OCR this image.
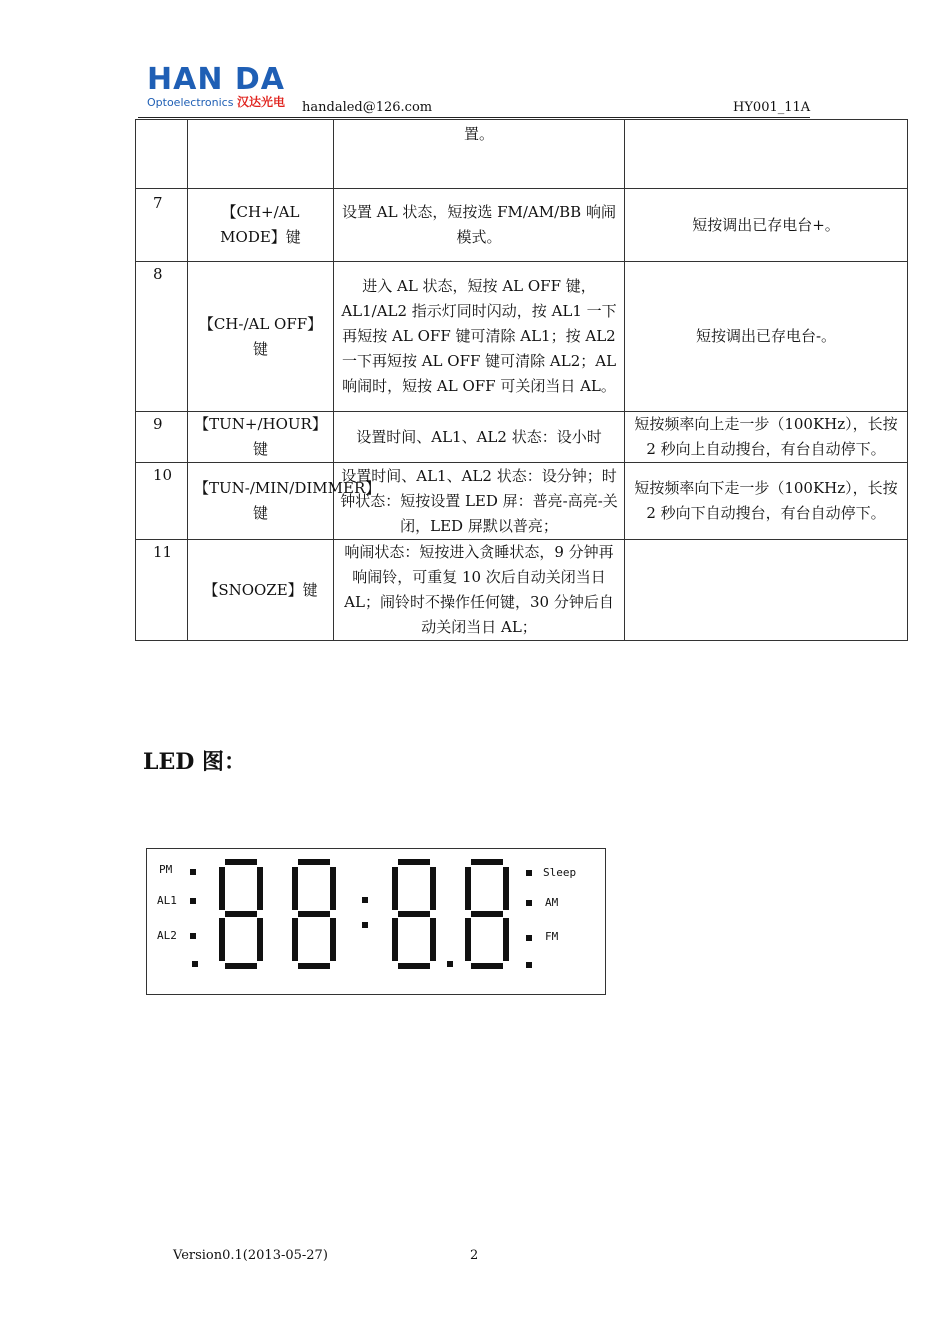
HAN DA
Optoelectronics 汉达光电	handaled@126.com	HY001_11A
		置。	
7	【CH+/AL MODE】键	设置 AL 状态，短按选 FM/AM/BB 响闹模式。	短按调出已存电台+。
8	【CH-/AL OFF】键	进入 AL 状态，短按 AL OFF 键，AL1/AL2 指示灯同时闪动，按 AL1 一下再短按 AL OFF 键可清除 AL1；按 AL2 一下再短按 AL OFF 键可清除 AL2；AL 响闹时，短按 AL OFF 可关闭当日 AL。	短按调出已存电台-。
9	【TUN+/HOUR】键	设置时间、AL1、AL2 状态：设小时	短按频率向上走一步（100KHz），长按 2 秒向上自动搜台，有台自动停下。
10	【TUN-/MIN/DIMMER】键	设置时间、AL1、AL2 状态：设分钟；时钟状态：短按设置 LED 屏：普亮-高亮-关闭，LED 屏默以普亮；	短按频率向下走一步（100KHz），长按 2 秒向下自动搜台，有台自动停下。
11	【SNOOZE】键	响闹状态：短按进入贪睡状态，9 分钟再响闹铃，可重复 10 次后自动关闭当日 AL；闹铃时不操作任何键，30 分钟后自动关闭当日 AL；	
LED 图：
PM
AL1
AL2
Sleep
AM
FM
Version0.1(2013-05-27)	2
